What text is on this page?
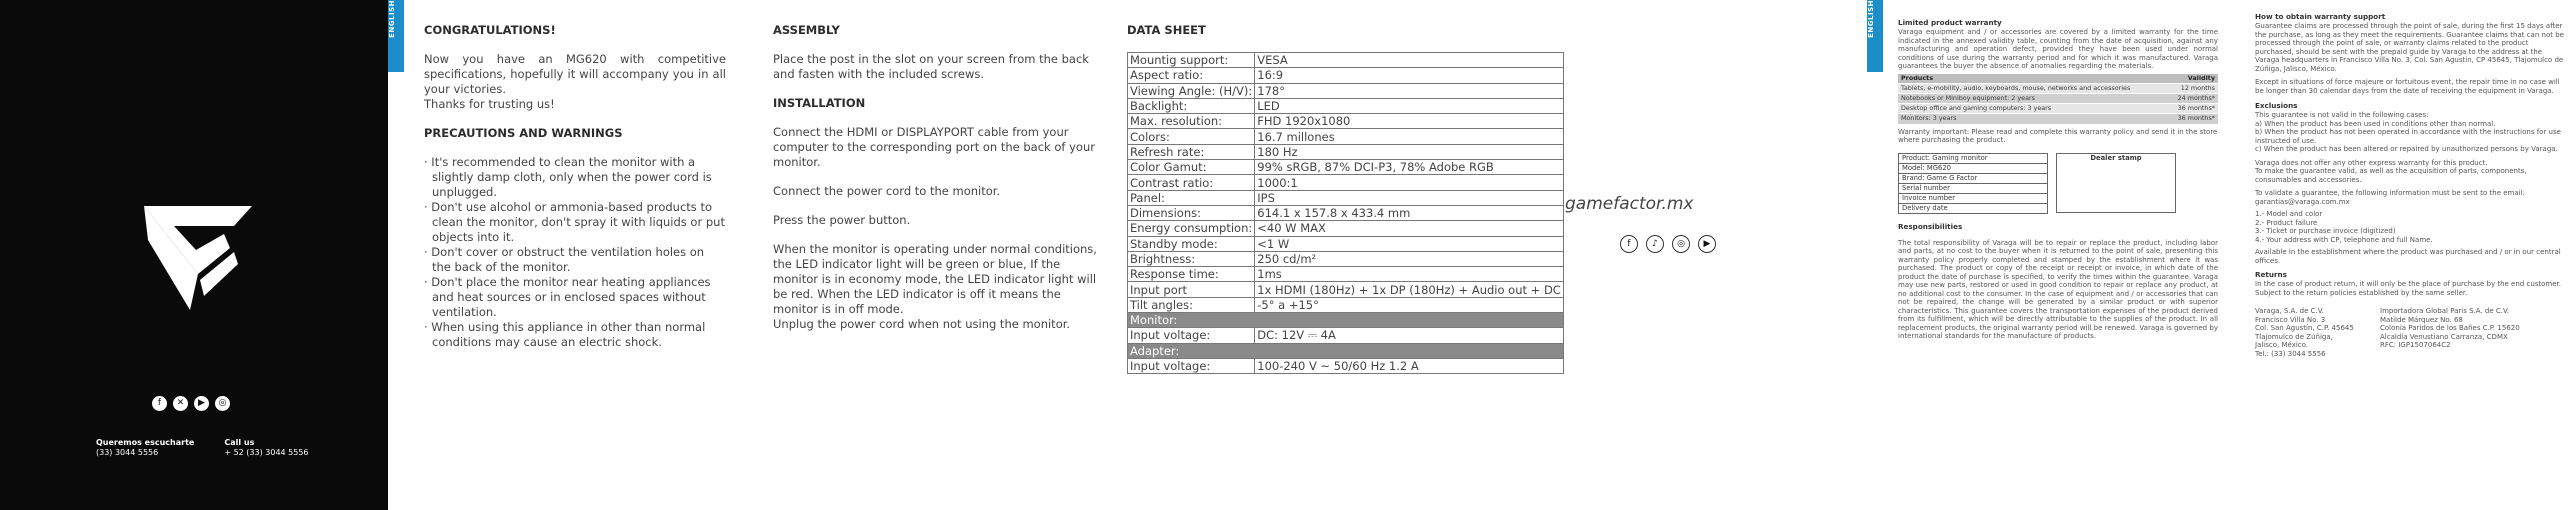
f	✕	▶	◎
Queremos escucharte
(33) 3044 5556
Call us
+ 52 (33) 3044 5556
ENGLISH	ENGLISH
CONGRATULATIONS!

Now you have an MG620 with competitive specifications, hopefully it will accompany you in all your victories.

Thanks for trusting us!

PRECAUTIONS AND WARNINGS
· It's recommended to clean the monitor with a slightly damp cloth, only when the power cord is unplugged.
· Don't use alcohol or ammonia-based products to clean the monitor, don't spray it with liquids or put objects into it.
· Don't cover or obstruct the ventilation holes on the back of the monitor.
· Don't place the monitor near heating appliances and heat sources or in enclosed spaces without ventilation.
· When using this appliance in other than normal conditions may cause an electric shock.
ASSEMBLY

Place the post in the slot on your screen from the back and fasten with the included screws.

INSTALLATION

Connect the HDMI or DISPLAYPORT cable from your computer to the corresponding port on the back of your monitor.

Connect the power cord to the monitor.

Press the power button.

When the monitor is operating under normal conditions, the LED indicator light will be green or blue, If the monitor is in economy mode, the LED indicator light will be red. When the LED indicator is off it means the monitor is in off mode.

Unplug the power cord when not using the monitor.

DATA SHEET
Mountig support:	VESA
Aspect ratio:	16:9
Viewing Angle: (H/V):	178°
Backlight:	LED
Max. resolution:	FHD 1920x1080
Colors:	16.7 millones
Refresh rate:	180 Hz
Color Gamut:	99% sRGB, 87% DCI-P3, 78% Adobe RGB
Contrast ratio:	1000:1
Panel:	IPS
Dimensions:	614.1 x 157.8 x 433.4 mm
Energy consumption:	<40 W MAX
Standby mode:	<1 W
Brightness:	250 cd/m²
Response time:	1ms
Input port	1x HDMI (180Hz) + 1x DP (180Hz) + Audio out + DC
Tilt angles:	-5° a +15°
Monitor:	
Input voltage:	DC: 12V ⎓ 4A
Adapter:	
Input voltage:	100-240 V ~ 50/60 Hz 1.2 A
gamefactor.mx
f	♪	◎	▶
Limited product warranty
Varaga equipment and / or accessories are covered by a limited warranty for the time indicated in the annexed validity table, counting from the date of acquisition, against any manufacturing and operation defect, provided they have been used under normal conditions of use during the warranty period and for which it was manufactured. Varaga guarantees the buyer the absence of anomalies regarding the materials.
Products	Validity
Tablets, e-mobility, audio, keyboards, mouse, networks and accessories	12 months
Notebooks or Miniboy equipment: 2 years	24 months*
Desktop office and gaming computers: 3 years	36 months*
Monitors: 3 years	36 months*
Warranty important: Please read and complete this warranty policy and send it in the store where purchasing the product.
Product: Gaming monitor
Model: MG620
Brand: Game G Factor
Serial number
Invoice number
Delivery date
Dealer stamp
Responsibilities
The total responsibility of Varaga will be to repair or replace the product, including labor and parts, at no cost to the buyer when it is returned to the point of sale, presenting this warranty policy properly completed and stamped by the establishment where it was purchased. The product or copy of the receipt or receipt or invoice, in which date of the product the date of purchase is specified, to verify the times within the guarantee. Varaga may use new parts, restored or used in good condition to repair or replace any product, at no additional cost to the consumer. In the case of equipment and / or accessories that can not be repaired, the change will be generated by a similar product or with superior characteristics. This guarantee covers the transportation expenses of the product derived from its fulfillment, which will be directly attributable to the supplies of the product. In all replacement products, the original warranty period will be renewed. Varaga is governed by international standards for the manufacture of products.
How to obtain warranty support
Guarantee claims are processed through the point of sale, during the first 15 days after the purchase, as long as they meet the requirements. Guarantee claims that can not be processed through the point of sale, or warranty claims related to the product purchased, should be sent with the prepaid guide by Varaga to the address at the Varaga headquarters in Francisco Villa No. 3, Col. San Agustín, CP 45645, Tlajomulco de Zúñiga, Jalisco, México.
Except in situations of force majeure or fortuitous event, the repair time in no case will be longer than 30 calendar days from the date of receiving the equipment in Varaga.
Exclusions
This guarantee is not valid in the following cases:
a) When the product has been used in conditions other than normal.
b) When the product has not been operated in accordance with the instructions for use instructed of use.
c) When the product has been altered or repaired by unauthorized persons by Varaga.
Varaga does not offer any other express warranty for this product.
To make the guarantee valid, as well as the acquisition of parts, components, consumables and accessories.
To validate a guarantee, the following information must be sent to the email: garantias@varaga.com.mx
1.- Model and color
2.- Product failure
3.- Ticket or purchase invoice (digitized)
4.- Your address with CP, telephone and full Name.
Available in the establishment where the product was purchased and / or in our central offices.
Returns
In the case of product return, it will only be the place of purchase by the end customer. Subject to the return policies established by the same seller.
Varaga, S.A. de C.V.
Francisco Villa No. 3
Col. San Agustín, C.P. 45645
Tlajomulco de Zúñiga,
Jalisco, México.
Tel.: (33) 3044 5556
Importadora Global Paris S.A. de C.V.
Matilde Márquez No. 68
Colonia Paridos de los Bañes C.P. 15620
Alcaldía Venustiano Carranza, CDMX
RFC: IGP1507064C2
